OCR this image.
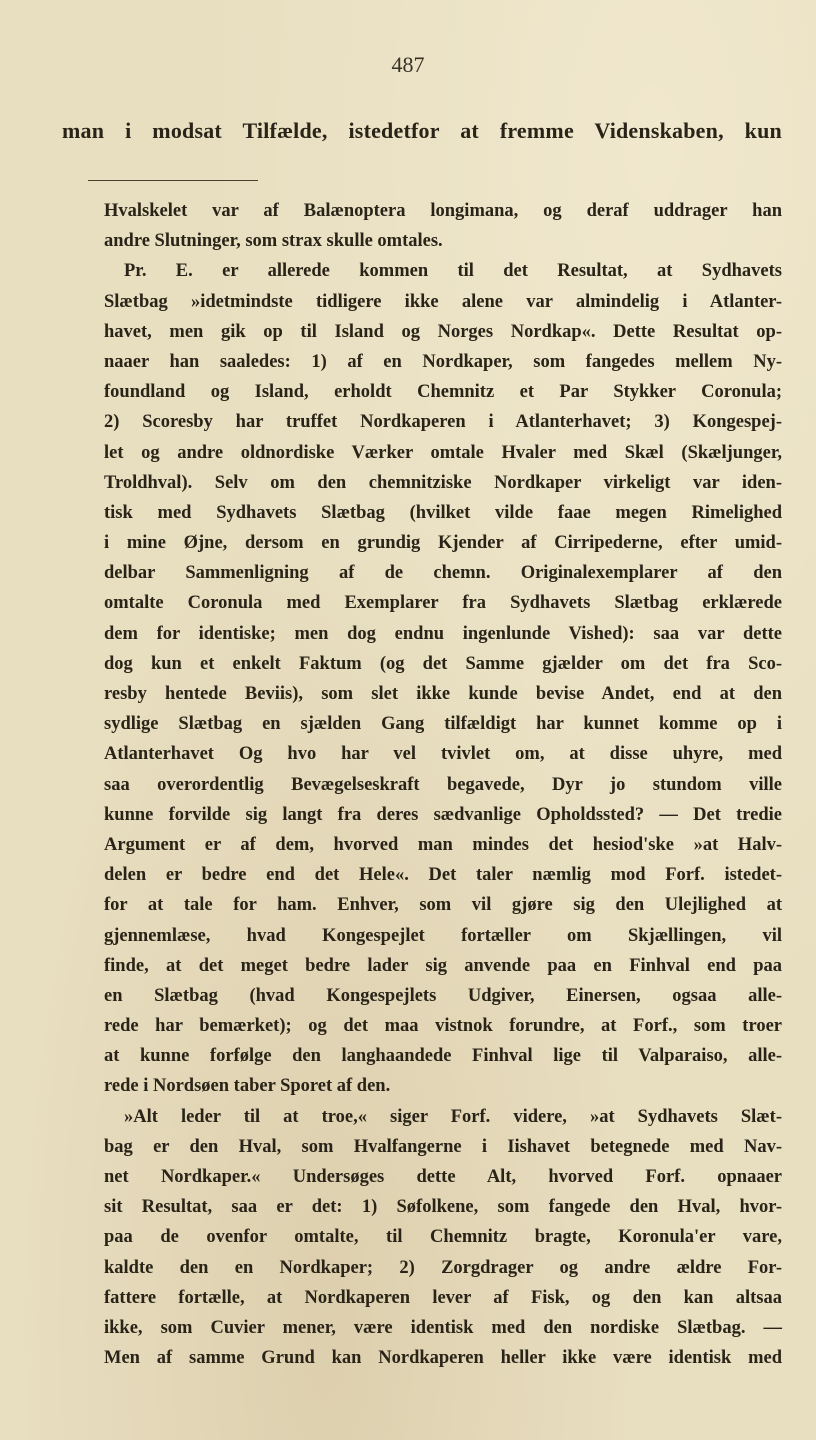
487
man i modsat Tilfælde, istedetfor at fremme Videnskaben, kun
Hvalskelet var af Balænoptera longimana, og deraf uddrager han
andre Slutninger, som strax skulle omtales.
Pr. E. er allerede kommen til det Resultat, at Sydhavets
Slætbag »idetmindste tidligere ikke alene var almindelig i Atlanter-
havet, men gik op til Island og Norges Nordkap«. Dette Resultat op-
naaer han saaledes: 1) af en Nordkaper, som fangedes mellem Ny-
foundland og Island, erholdt Chemnitz et Par Stykker Coronula;
2) Scoresby har truffet Nordkaperen i Atlanterhavet; 3) Kongespej-
let og andre oldnordiske Værker omtale Hvaler med Skæl (Skæljunger,
Troldhval). Selv om den chemnitziske Nordkaper virkeligt var iden-
tisk med Sydhavets Slætbag (hvilket vilde faae megen Rimelighed
i mine Øjne, dersom en grundig Kjender af Cirripederne, efter umid-
delbar Sammenligning af de chemn. Originalexemplarer af den
omtalte Coronula med Exemplarer fra Sydhavets Slætbag erklærede
dem for identiske; men dog endnu ingenlunde Vished): saa var dette
dog kun et enkelt Faktum (og det Samme gjælder om det fra Sco-
resby hentede Beviis), som slet ikke kunde bevise Andet, end at den
sydlige Slætbag en sjælden Gang tilfældigt har kunnet komme op i
Atlanterhavet Og hvo har vel tvivlet om, at disse uhyre, med
saa overordentlig Bevægelseskraft begavede, Dyr jo stundom ville
kunne forvilde sig langt fra deres sædvanlige Opholdssted? — Det tredie
Argument er af dem, hvorved man mindes det hesiod'ske »at Halv-
delen er bedre end det Hele«. Det taler næmlig mod Forf. istedet-
for at tale for ham. Enhver, som vil gjøre sig den Ulejlighed at
gjennemlæse, hvad Kongespejlet fortæller om Skjællingen, vil
finde, at det meget bedre lader sig anvende paa en Finhval end paa
en Slætbag (hvad Kongespejlets Udgiver, Einersen, ogsaa alle-
rede har bemærket); og det maa vistnok forundre, at Forf., som troer
at kunne forfølge den langhaandede Finhval lige til Valparaiso, alle-
rede i Nordsøen taber Sporet af den.
»Alt leder til at troe,« siger Forf. videre, »at Sydhavets Slæt-
bag er den Hval, som Hvalfangerne i Iishavet betegnede med Nav-
net Nordkaper.« Undersøges dette Alt, hvorved Forf. opnaaer
sit Resultat, saa er det: 1) Søfolkene, som fangede den Hval, hvor-
paa de ovenfor omtalte, til Chemnitz bragte, Koronula'er vare,
kaldte den en Nordkaper; 2) Zorgdrager og andre ældre For-
fattere fortælle, at Nordkaperen lever af Fisk, og den kan altsaa
ikke, som Cuvier mener, være identisk med den nordiske Slætbag. —
Men af samme Grund kan Nordkaperen heller ikke være identisk med
